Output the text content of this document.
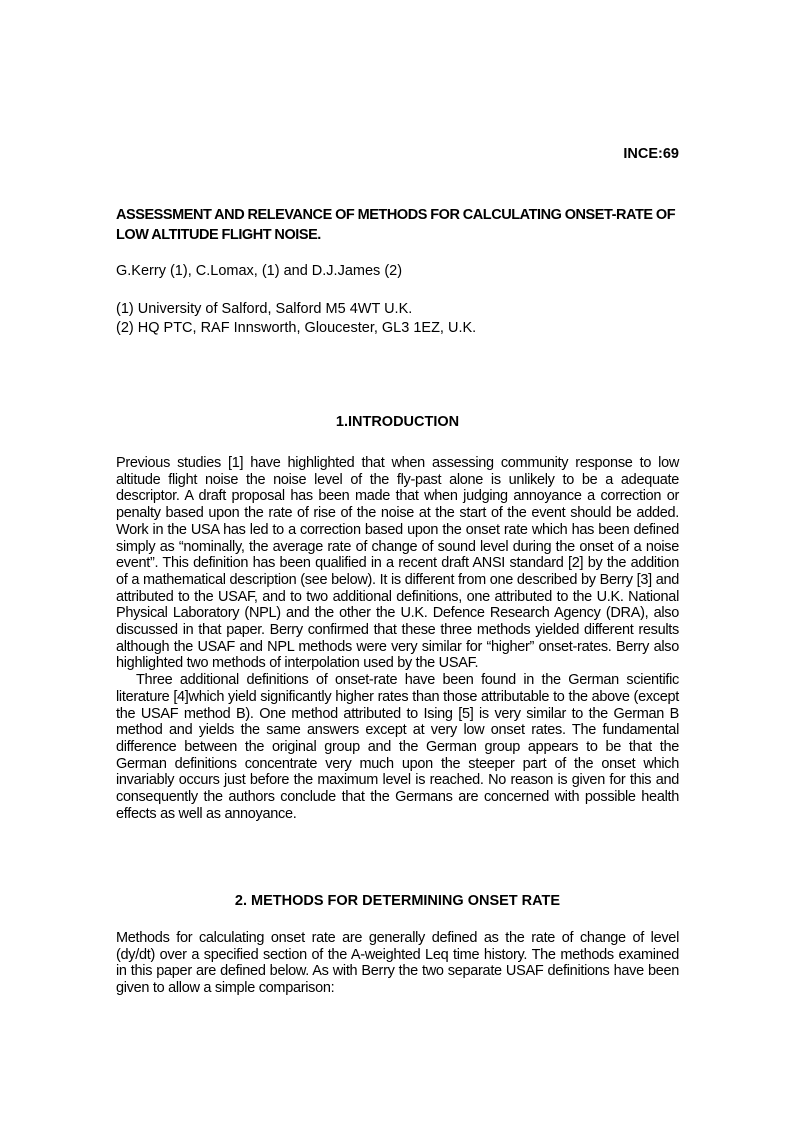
INCE:69
ASSESSMENT AND RELEVANCE OF METHODS FOR CALCULATING ONSET-RATE OF LOW ALTITUDE FLIGHT NOISE.
G.Kerry (1), C.Lomax, (1) and D.J.James (2)
(1) University of Salford, Salford M5 4WT U.K.
(2) HQ PTC, RAF Innsworth, Gloucester, GL3 1EZ, U.K.
1.INTRODUCTION

Previous studies [1] have highlighted that when assessing community response to low altitude flight noise the noise level of the fly-past alone is unlikely to be a adequate descriptor. A draft proposal has been made that when judging annoyance a correction or penalty based upon the rate of rise of the noise at the start of the event should be added. Work in the USA has led to a correction based upon the onset rate which has been defined simply as “nominally, the average rate of change of sound level during the onset of a noise event”. This definition has been qualified in a recent draft ANSI standard [2] by the addition of a mathematical description (see below). It is different from one described by Berry [3] and attributed to the USAF, and to two additional definitions, one attributed to the U.K. National Physical Laboratory (NPL) and the other the U.K. Defence Research Agency (DRA), also discussed in that paper. Berry confirmed that these three methods yielded different results although the USAF and NPL methods were very similar for “higher” onset-rates. Berry also highlighted two methods of interpolation used by the USAF.

Three additional definitions of onset-rate have been found in the German scientific literature [4]which yield significantly higher rates than those attributable to the above (except the USAF method B). One method attributed to Ising [5] is very similar to the German B method and yields the same answers except at very low onset rates. The fundamental difference between the original group and the German group appears to be that the German definitions concentrate very much upon the steeper part of the onset which invariably occurs just before the maximum level is reached. No reason is given for this and consequently the authors conclude that the Germans are concerned with possible health effects as well as annoyance.

2. METHODS FOR DETERMINING ONSET RATE

Methods for calculating onset rate are generally defined as the rate of change of level (dy/dt) over a specified section of the A-weighted Leq time history. The methods examined in this paper are defined below. As with Berry the two separate USAF definitions have been given to allow a simple comparison:
